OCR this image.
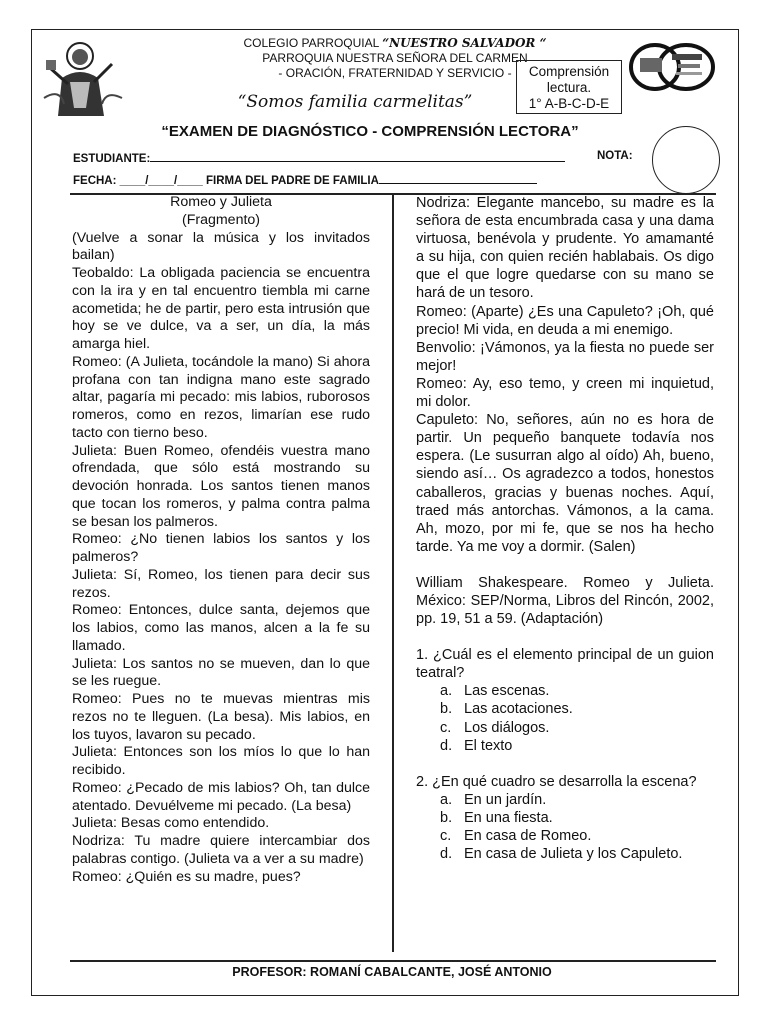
COLEGIO PARROQUIAL “NUESTRO SALVADOR “
PARROQUIA NUESTRA SEÑORA DEL CARMEN
- ORACIÓN, FRATERNIDAD Y SERVICIO -
“Somos familia carmelitas”
Comprensión
lectura.
1° A-B-C-D-E
“EXAMEN DE DIAGNÓSTICO - COMPRENSIÓN LECTORA”
ESTUDIANTE:	NOTA:
FECHA: ____/____/____ FIRMA DEL PADRE DE FAMILIA

Romeo y Julieta

(Fragmento)

(Vuelve a sonar la música y los invitados bailan)

Teobaldo: La obligada paciencia se encuentra con la ira y en tal encuentro tiembla mi carne acometida; he de partir, pero esta intrusión que hoy se ve dulce, va a ser, un día, la más amarga hiel.

Romeo: (A Julieta, tocándole la mano) Si ahora profana con tan indigna mano este sagrado altar, pagaría mi pecado: mis labios, ruborosos romeros, como en rezos, limarían ese rudo tacto con tierno beso.

Julieta: Buen Romeo, ofendéis vuestra mano ofrendada, que sólo está mostrando su devoción honrada. Los santos tienen manos que tocan los romeros, y palma contra palma se besan los palmeros.

Romeo: ¿No tienen labios los santos y los palmeros?

Julieta: Sí, Romeo, los tienen para decir sus rezos.

Romeo: Entonces, dulce santa, dejemos que los labios, como las manos, alcen a la fe su llamado.

Julieta: Los santos no se mueven, dan lo que se les ruegue.

Romeo: Pues no te muevas mientras mis rezos no te lleguen. (La besa). Mis labios, en los tuyos, lavaron su pecado.

Julieta: Entonces son los míos lo que lo han recibido.

Romeo: ¿Pecado de mis labios? Oh, tan dulce atentado. Devuélveme mi pecado. (La besa)

Julieta: Besas como entendido.

Nodriza: Tu madre quiere intercambiar dos palabras contigo. (Julieta va a ver a su madre)

Romeo: ¿Quién es su madre, pues?

Nodriza: Elegante mancebo, su madre es la señora de esta encumbrada casa y una dama virtuosa, benévola y prudente. Yo amamanté a su hija, con quien recién hablabais. Os digo que el que logre quedarse con su mano se hará de un tesoro.

Romeo: (Aparte) ¿Es una Capuleto? ¡Oh, qué precio! Mi vida, en deuda a mi enemigo.

Benvolio: ¡Vámonos, ya la fiesta no puede ser mejor!

Romeo: Ay, eso temo, y creen mi inquietud, mi dolor.

Capuleto: No, señores, aún no es hora de partir. Un pequeño banquete todavía nos espera. (Le susurran algo al oído) Ah, bueno, siendo así… Os agradezco a todos, honestos caballeros, gracias y buenas noches. Aquí, traed más antorchas. Vámonos, a la cama. Ah, mozo, por mi fe, que se nos ha hecho tarde. Ya me voy a dormir. (Salen)

William Shakespeare. Romeo y Julieta. México: SEP/Norma, Libros del Rincón, 2002, pp. 19, 51 a 59. (Adaptación)

1. ¿Cuál es el elemento principal de un guion teatral?

a. Las escenas.
b. Las acotaciones.
c. Los diálogos.
d. El texto

2. ¿En qué cuadro se desarrolla la escena?

a. En un jardín.
b. En una fiesta.
c. En casa de Romeo.
d. En casa de Julieta y los Capuleto.
PROFESOR: ROMANÍ CABALCANTE, JOSÉ ANTONIO
